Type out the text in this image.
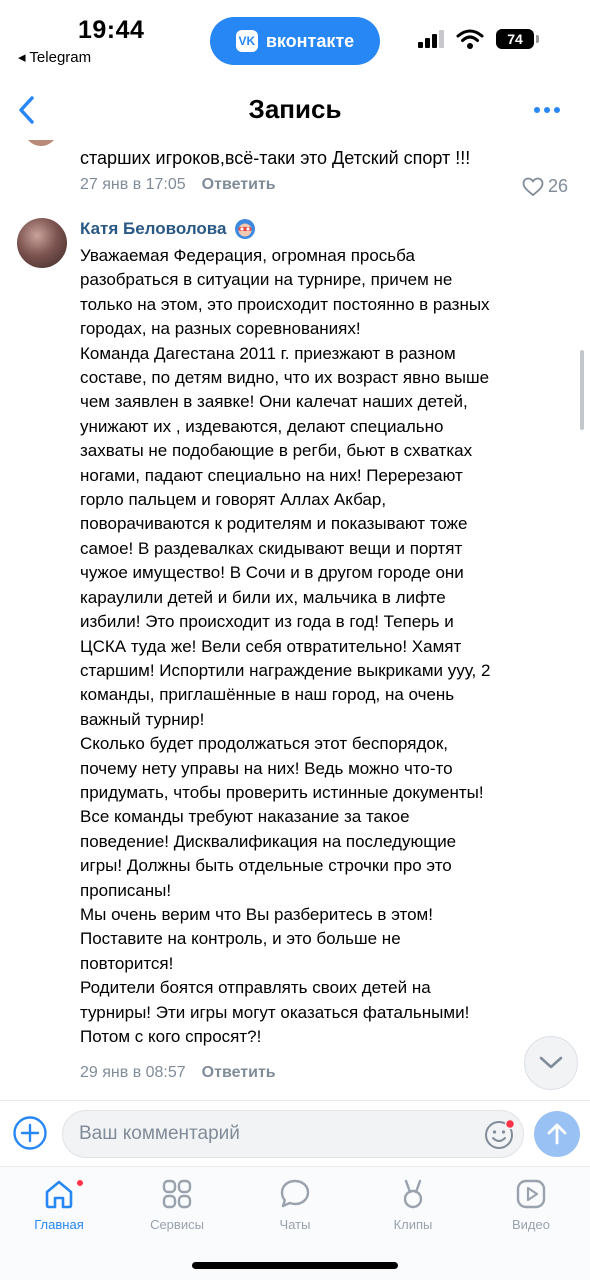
19:44
◂ Telegram
VK вконтакте	74
Запись
старших игроков,всё-таки это Детский спорт !!!
27 янв в 17:05 Ответить	26
Катя Беловолова

Уважаемая Федерация, огромная просьба

разобраться в ситуации на турнире, причем не

только на этом, это происходит постоянно в разных

городах, на разных соревнованиях!

Команда Дагестана 2011 г. приезжают в разном

составе, по детям видно, что их возраст явно выше

чем заявлен в заявке! Они калечат наших детей,

унижают их , издеваются, делают специально

захваты не подобающие в регби, бьют в схватках

ногами, падают специально на них! Перерезают

горло пальцем и говорят Аллах Акбар,

поворачиваются к родителям и показывают тоже

самое! В раздевалках скидывают вещи и портят

чужое имущество! В Сочи и в другом городе они

караулили детей и били их, мальчика в лифте

избили! Это происходит из года в год! Теперь и

ЦСКА туда же! Вели себя отвратительно! Хамят

старшим! Испортили награждение выкриками ууу, 2

команды, приглашённые в наш город, на очень

важный турнир!

Сколько будет продолжаться этот беспорядок,

почему нету управы на них! Ведь можно что-то

придумать, чтобы проверить истинные документы!

Все команды требуют наказание за такое

поведение! Дисквалификация на последующие

игры! Должны быть отдельные строчки про это

прописаны!

Мы очень верим что Вы разберитесь в этом!

Поставите на контроль, и это больше не

повторится!

Родители боятся отправлять своих детей на

турниры! Эти игры могут оказаться фатальными!

Потом с кого спросят?!

29 янв в 08:57 Ответить
Ваш комментарий
Главная	Сервисы	Чаты	Клипы	Видео
